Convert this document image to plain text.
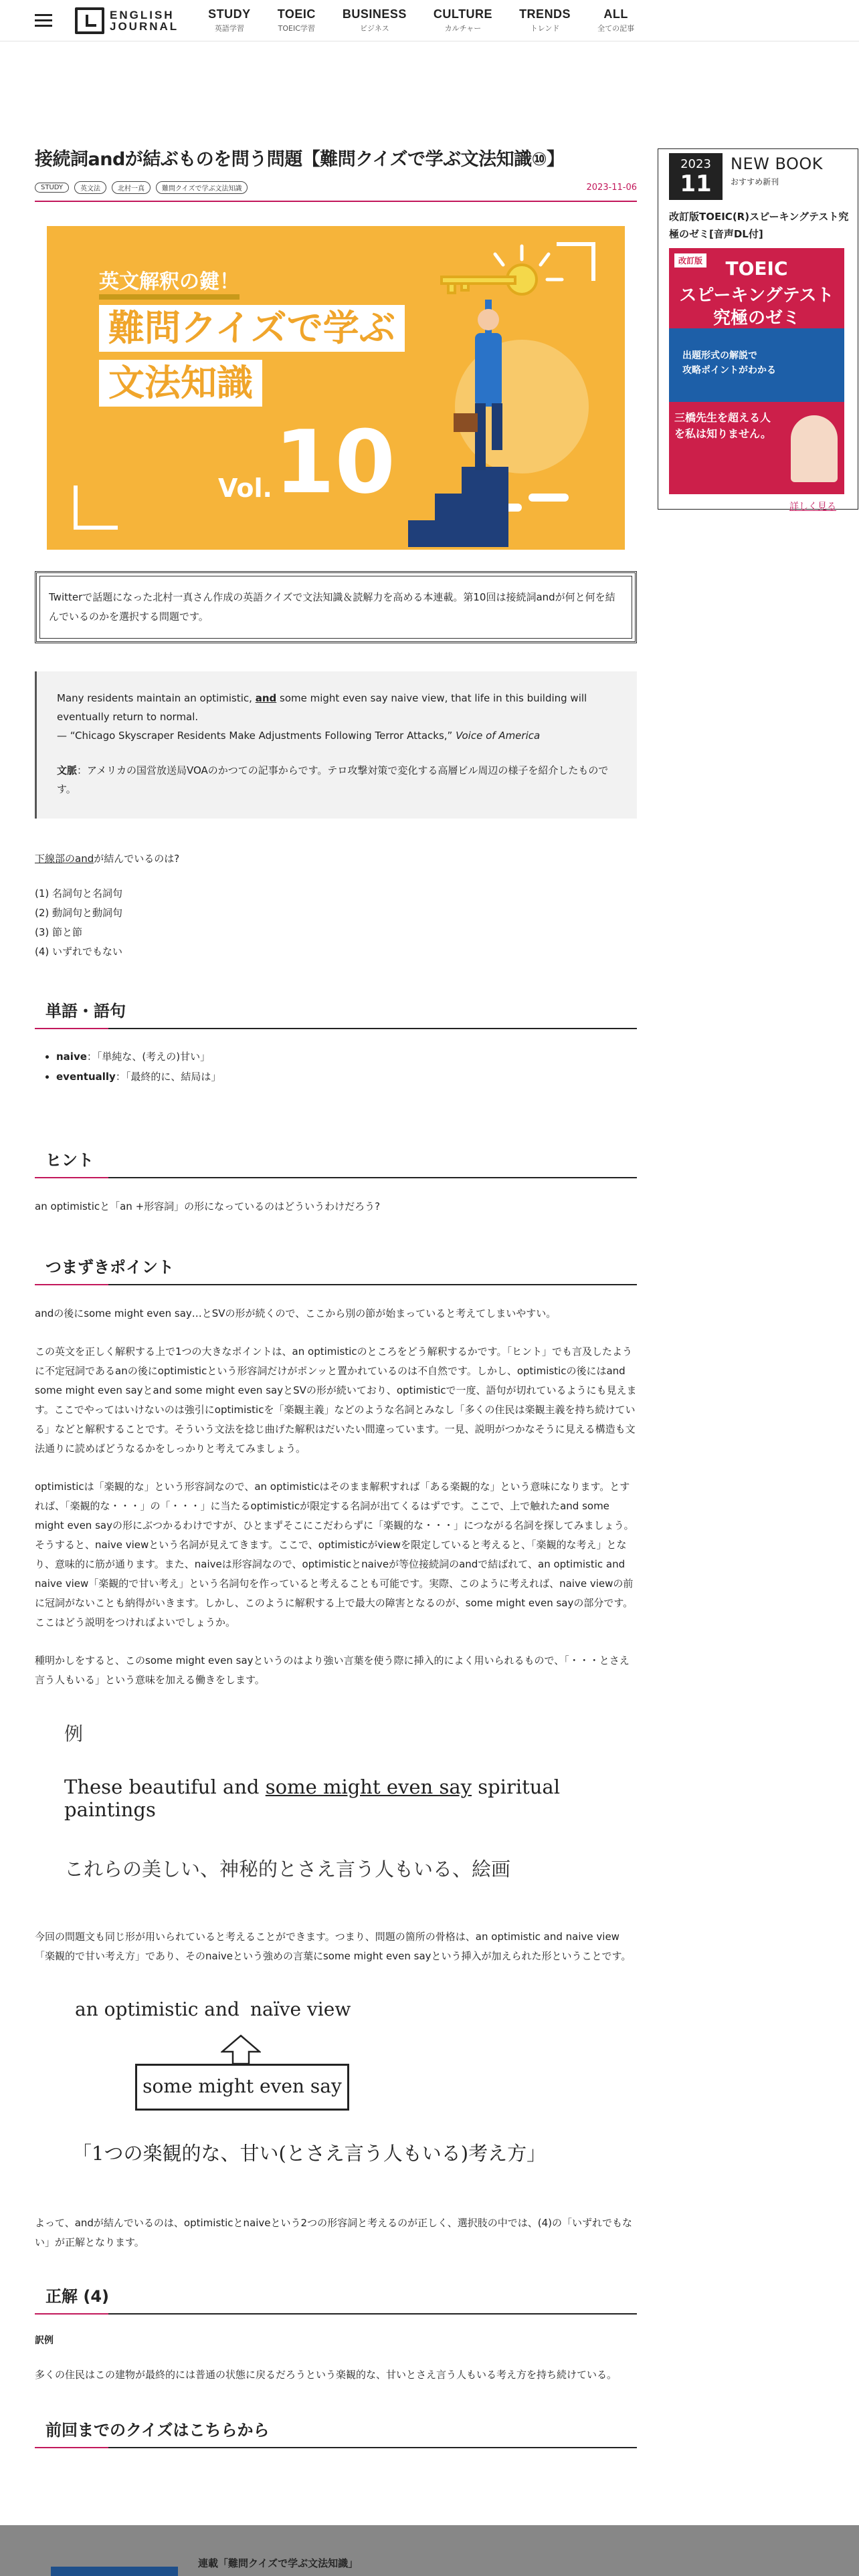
ENGLISH
JOURNAL
STUDY
英語学習
TOEIC
TOEIC学習
BUSINESS
ビジネス
CULTURE
カルチャー
TRENDS
トレンド
ALL
全ての記事
接続詞andが結ぶものを問う問題【難問クイズで学ぶ文法知識⑩】
STUDY	英文法	北村一真	難問クイズで学ぶ文法知識	2023-11-06
英文解釈の鍵！
難問クイズで学ぶ
文法知識
Vol. 10
Twitterで話題になった北村一真さん作成の英語クイズで文法知識＆読解力を高める本連載。第10回は接続詞andが何と何を結んでいるのかを選択する問題です。
Many residents maintain an optimistic, and some might even say naive view, that life in this building will eventually return to normal.
— “Chicago Skyscraper Residents Make Adjustments Following Terror Attacks,” Voice of America
文脈：アメリカの国営放送局VOAのかつての記事からです。テロ攻撃対策で変化する高層ビル周辺の様子を紹介したものです。
下線部のandが結んでいるのは?
(1) 名詞句と名詞句
(2) 動詞句と動詞句
(3) 節と節
(4) いずれでもない
単語・語句
• naive：「単純な、(考えの)甘い」
• eventually：「最終的に、結局は」
ヒント

an optimisticと「an +形容詞」の形になっているのはどういうわけだろう?

つまずきポイント

andの後にsome might even say…とSVの形が続くので、ここから別の節が始まっていると考えてしまいやすい。

この英文を正しく解釈する上で1つの大きなポイントは、an optimisticのところをどう解釈するかです。「ヒント」でも言及したように不定冠詞であるanの後にoptimisticという形容詞だけがポンッと置かれているのは不自然です。しかし、optimisticの後にはand some might even sayとand some might even sayとSVの形が続いており、optimisticで一度、語句が切れているようにも見えます。ここでやってはいけないのは強引にoptimisticを「楽観主義」などのような名詞とみなし「多くの住民は楽観主義を持ち続けている」などと解釈することです。そういう文法を捻じ曲げた解釈はだいたい間違っています。一見、説明がつかなそうに見える構造も文法通りに読めばどうなるかをしっかりと考えてみましょう。

optimisticは「楽観的な」という形容詞なので、an optimisticはそのまま解釈すれば「ある楽観的な」という意味になります。とすれば、「楽観的な・・・」の「・・・」に当たるoptimisticが限定する名詞が出てくるはずです。ここで、上で触れたand some might even sayの形にぶつかるわけですが、ひとまずそこにこだわらずに「楽観的な・・・」につながる名詞を探してみましょう。そうすると、naive viewという名詞が見えてきます。ここで、optimisticがviewを限定していると考えると、「楽観的な考え」となり、意味的に筋が通ります。また、naiveは形容詞なので、optimisticとnaiveが等位接続詞のandで結ばれて、an optimistic and naive view「楽観的で甘い考え」という名詞句を作っていると考えることも可能です。実際、このように考えれば、naive viewの前に冠詞がないことも納得がいきます。しかし、このように解釈する上で最大の障害となるのが、some might even sayの部分です。ここはどう説明をつければよいでしょうか。

種明かしをすると、このsome might even sayというのはより強い言葉を使う際に挿入的によく用いられるもので、「・・・とさえ言う人もいる」という意味を加える働きをします。

例
These beautiful and some might even say spiritual paintings
これらの美しい、神秘的とさえ言う人もいる、絵画

今回の問題文も同じ形が用いられていると考えることができます。つまり、問題の箇所の骨格は、an optimistic and naive view「楽観的で甘い考え方」であり、そのnaiveという強めの言葉にsome might even sayという挿入が加えられた形ということです。

an optimistic and naïve view
some might even say
「1つの楽観的な、甘い(とさえ言う人もいる)考え方」

よって、andが結んでいるのは、optimisticとnaiveという2つの形容詞と考えるのが正しく、選択肢の中では、(4)の「いずれでもない」が正解となります。

正解 (4)
訳例

多くの住民はこの建物が最終的には普通の状態に戻るだろうという楽観的な、甘いとさえ言う人もいる考え方を持ち続けている。

前回までのクイズはこちらから
連載「難問クイズで学ぶ文法知識」
2023
11
NEW BOOK
おすすめ新刊
改訂版TOEIC(R)スピーキングテスト究極のゼミ[音声DL付]
改訂版	TOEIC
スピーキングテスト
究極のゼミ
出題形式の解説で
攻略ポイントがわかる
三橋先生を超える人
を私は知りません。
詳しく見る
